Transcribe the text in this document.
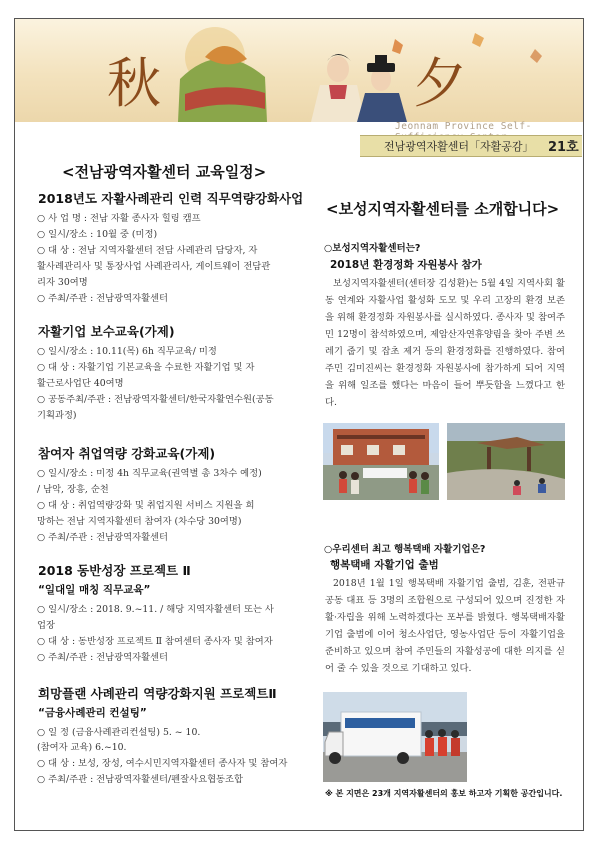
秋	夕
Jeonnam Province Self-
전남광역자활센터「자활공감」 21호
<전남광역자활센터 교육일정>
2018년도 자활사례관리 인력 직무역량강화사업
○ 사 업 명 : 전남 자활 종사자 힐링 캠프
○ 일시/장소 : 10월 중 (미정)
○ 대 상 : 전남 지역자활센터 전담 사례관리 담당자, 자
활사례관리사 및 통장사업 사례관리사, 게이트웨이 전담관
리자 30여명
○ 주최/주관 : 전남광역자활센터
자활기업 보수교육(가제)
○ 일시/장소 : 10.11(목) 6h 직무교육/ 미정
○ 대 상 : 자활기업 기본교육을 수료한 자활기업 및 자
활근로사업단 40여명
○ 공동주최/주관 : 전남광역자활센터/한국자활연수원(공동
기획과정)
참여자 취업역량 강화교육(가제)
○ 일시/장소 : 미정 4h 직무교육(권역별 총 3차수 예정)
/ 남악, 장흥, 순천
○ 대 상 : 취업역량강화 및 취업지원 서비스 지원을 희
망하는 전남 지역자활센터 참여자 (차수당 30여명)
○ 주최/주관 : 전남광역자활센터
2018 동반성장 프로젝트 Ⅱ
“일대일 매칭 직무교육”
○ 일시/장소 : 2018. 9.~11. / 해당 지역자활센터 또는 사
업장
○ 대 상 : 동반성장 프로젝트 Ⅱ 참여센터 종사자 및 참여자
○ 주최/주관 : 전남광역자활센터
희망플랜 사례관리 역량강화지원 프로젝트Ⅱ
“금융사례관리 컨설팅”
○ 일 정 (금융사례관리컨설팅) 5. ~ 10.
(참여자 교육) 6.~10.
○ 대 상 : 보성, 장성, 여수시민지역자활센터 종사자 및 참여자
○ 주최/주관 : 전남광역자활센터/펜잘사요협동조합
<보성지역자활센터를 소개합니다>
○보성지역자활센터는?
2018년 환경정화 자원봉사 참가
보성지역자활센터(센터장 김성환)는 5월 4일 지역사회 활동 연계와 자활사업 활성화 도모 및 우리 고장의 환경 보존을 위해 환경정화 자원봉사를 실시하였다. 종사자 및 참여주민 12명이 참석하였으며, 제암산자연휴양림을 찾아 주변 쓰레기 줍기 및 잡초 제거 등의 환경정화를 진행하였다. 참여주민 김미진씨는 환경정화 자원봉사에 참가하게 되어 지역을 위해 일조를 했다는 마음이 들어 뿌듯함을 느꼈다고 한다.
○우리센터 최고 행복택배 자활기업은?
행복택배 자활기업 출범
2018년 1월 1일 행복택배 자활기업 출범, 김훈, 전판규 공동 대표 등 3명의 조합원으로 구성되어 있으며 진정한 자활·자립을 위해 노력하겠다는 포부를 밝혔다. 행복택배자활기업 출범에 이어 청소사업단, 영농사업단 등이 자활기업을 준비하고 있으며 참여 주민들의 자활성공에 대한 의지를 싣어 줄 수 있을 것으로 기대하고 있다.
※ 본 지면은 23개 지역자활센터의 홍보 하고자 기획한 공간입니다.
